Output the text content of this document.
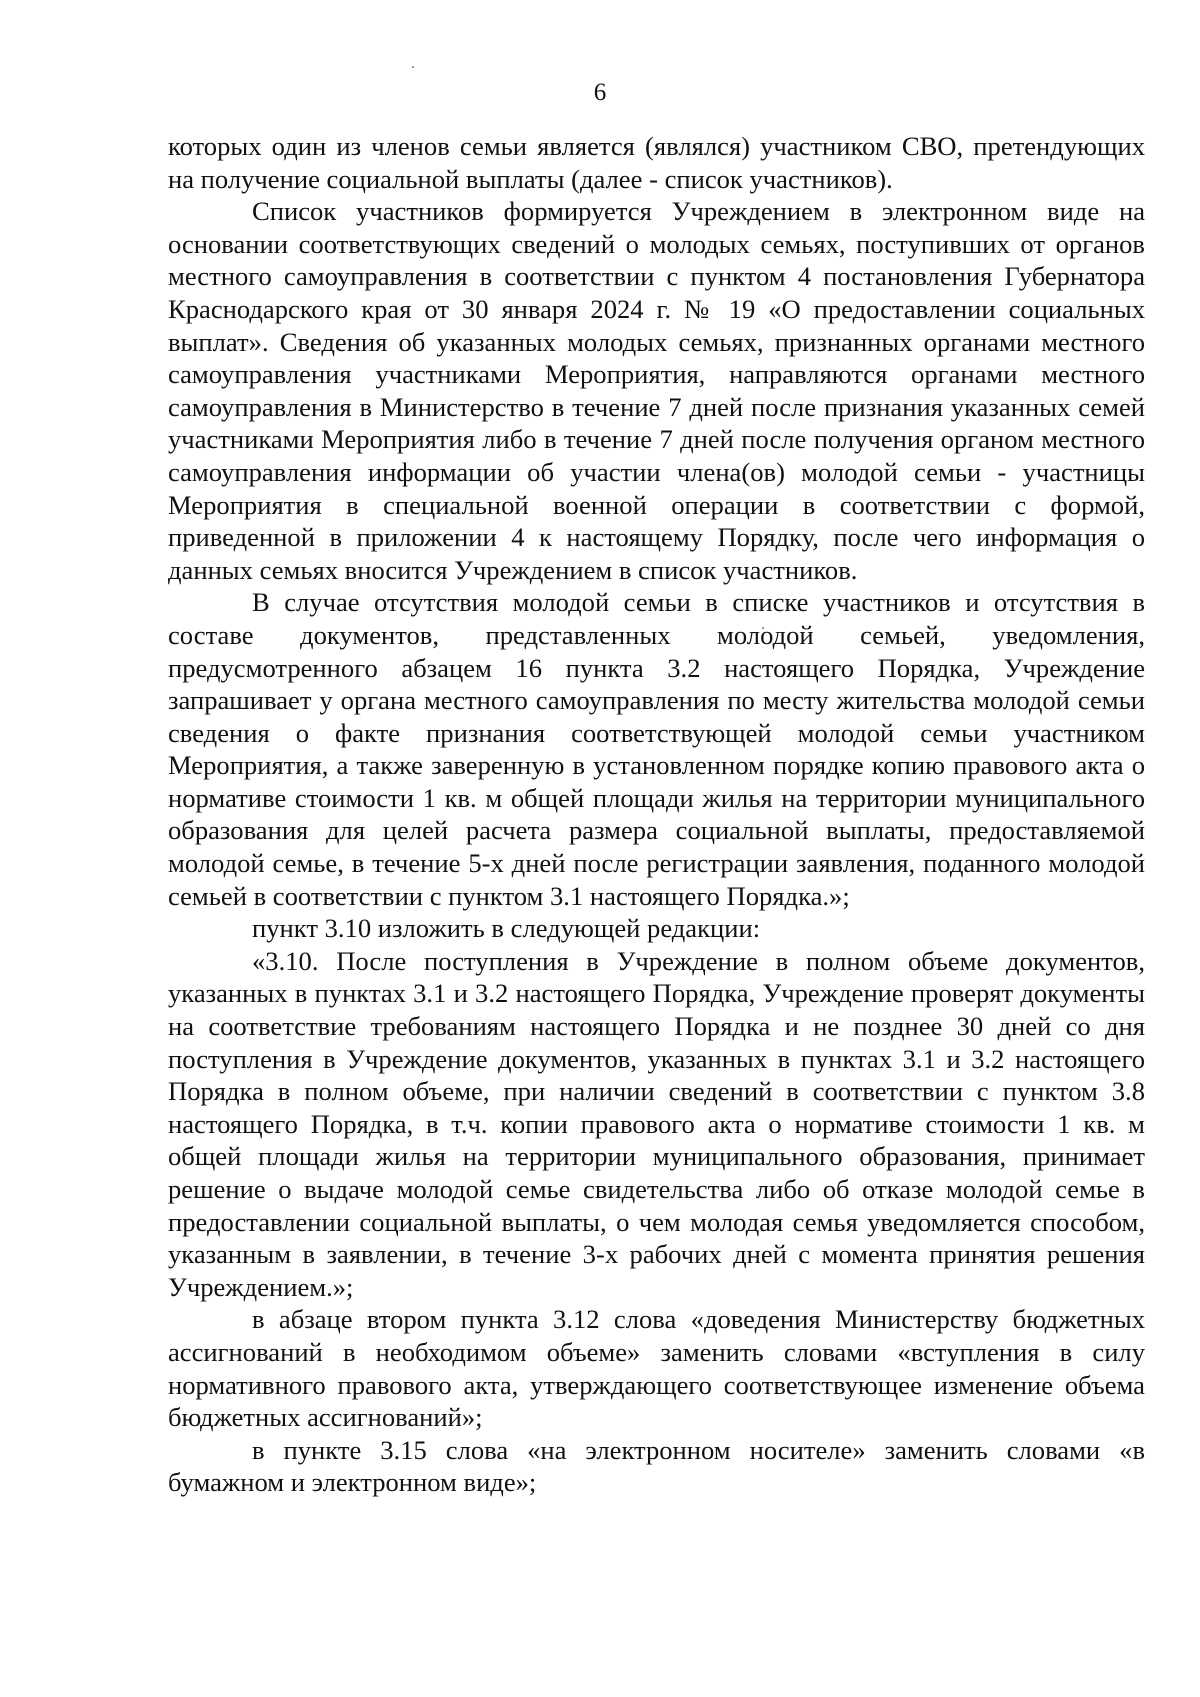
6

которых один из членов семьи является (являлся) участником СВО, претендующих на получение социальной выплаты (далее - список участников).

Список участников формируется Учреждением в электронном виде на основании соответствующих сведений о молодых семьях, поступивших от органов местного самоуправления в соответствии с пунктом 4 постановления Губернатора Краснодарского края от 30 января 2024 г. № 19 «О предоставлении социальных выплат». Сведения об указанных молодых семьях, признанных органами местного самоуправления участниками Мероприятия, направляются органами местного самоуправления в Министерство в течение 7 дней после признания указанных семей участниками Мероприятия либо в течение 7 дней после получения органом местного самоуправления информации об участии члена(ов) молодой семьи - участницы Мероприятия в специальной военной операции в соответствии с формой, приведенной в приложении 4 к настоящему Порядку, после чего информация о данных семьях вносится Учреждением в список участников.

В случае отсутствия молодой семьи в списке участников и отсутствия в составе документов, представленных молодой семьей, уведомления, предусмотренного абзацем 16 пункта 3.2 настоящего Порядка, Учреждение запрашивает у органа местного самоуправления по месту жительства молодой семьи сведения о факте признания соответствующей молодой семьи участником Мероприятия, а также заверенную в установленном порядке копию правового акта о нормативе стоимости 1 кв. м общей площади жилья на территории муниципального образования для целей расчета размера социальной выплаты, предоставляемой молодой семье, в течение 5-х дней после регистрации заявления, поданного молодой семьей в соответствии с пунктом 3.1 настоящего Порядка.»;

пункт 3.10 изложить в следующей редакции:

«3.10. После поступления в Учреждение в полном объеме документов, указанных в пунктах 3.1 и 3.2 настоящего Порядка, Учреждение проверят документы на соответствие требованиям настоящего Порядка и не позднее 30 дней со дня поступления в Учреждение документов, указанных в пунктах 3.1 и 3.2 настоящего Порядка в полном объеме, при наличии сведений в соответствии с пунктом 3.8 настоящего Порядка, в т.ч. копии правового акта о нормативе стоимости 1 кв. м общей площади жилья на территории муниципального образования, принимает решение о выдаче молодой семье свидетельства либо об отказе молодой семье в предоставлении социальной выплаты, о чем молодая семья уведомляется способом, указанным в заявлении, в течение 3-х рабочих дней с момента принятия решения Учреждением.»;

в абзаце втором пункта 3.12 слова «доведения Министерству бюджетных ассигнований в необходимом объеме» заменить словами «вступления в силу нормативного правового акта, утверждающего соответствующее изменение объема бюджетных ассигнований»;

в пункте 3.15 слова «на электронном носителе» заменить словами «в бумажном и электронном виде»;
